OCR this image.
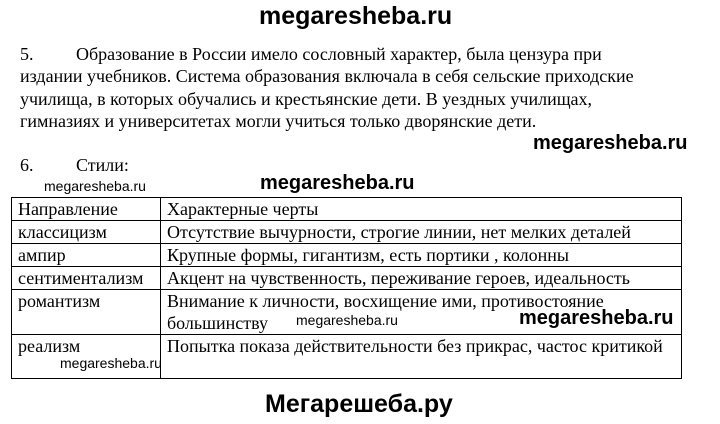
megaresheba.ru
5. Образование в России имело сословный характер, была цензура при
издании учебников. Система образования включала в себя сельские приходские
училища, в которых обучались и крестьянские дети. В уездных училищах,
гимназиях и университетах могли учиться только дворянские дети.
megaresheba.ru
6. Стили:
megaresheba.ru	megaresheba.ru
Направление	Характерные черты
классицизм	Отсутствие вычурности, строгие линии, нет мелких деталей
ампир	Крупные формы, гигантизм, есть портики , колонны
сентиментализм	Акцент на чувственность, переживание героев, идеальность
романтизм	Внимание к личности, восхищение ими, противостояние большинству
реализм	Попытка показа действительности без прикрас, частос критикой
megaresheba.ru	megaresheba.ru
megaresheba.ru
Мегарешеба.ру
